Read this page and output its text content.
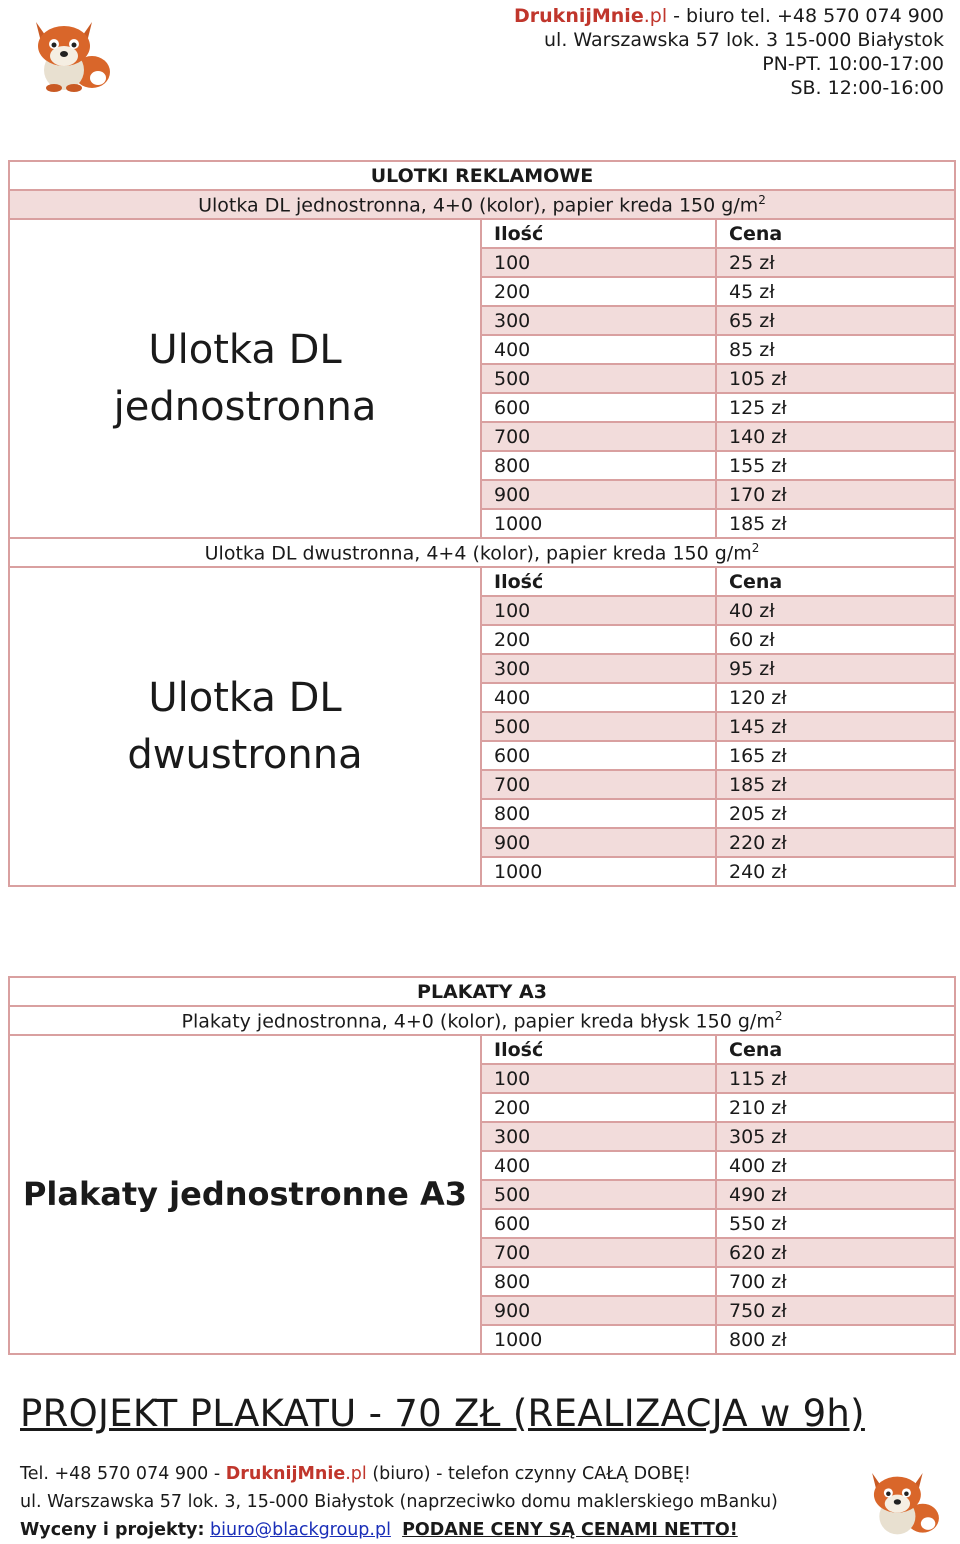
DruknijMnie.pl - biuro tel. +48 570 074 900
ul. Warszawska 57 lok. 3 15-000 Białystok
PN-PT. 10:00-17:00
SB. 12:00-16:00
ULOTKI REKLAMOWE		
Ulotka DL jednostronna, 4+0 (kolor), papier kreda 150 $g/m^2$

Ulotka DL
jednostronna	Ilość	Cena
	100	25 zł
	200	45 zł
	300	65 zł
	400	85 zł
	500	105 zł
	600	125 zł
	700	140 zł
	800	155 zł
	900	170 zł
	1000	185 zł
Ulotka DL dwustronna, 4+4 (kolor), papier kreda 150 $g/m^2$

Ulotka DL
dwustronna	Ilość	Cena
	100	40 zł
	200	60 zł
	300	95 zł
	400	120 zł
	500	145 zł
	600	165 zł
	700	185 zł
	800	205 zł
	900	220 zł
	1000	240 zł
PLAKATY A3		
Plakaty jednostronna, 4+0 (kolor), papier kreda błysk 150 $g/m^2$

Plakaty jednostronne A3	Ilość	Cena
	100	115 zł
	200	210 zł
	300	305 zł
	400	400 zł
	500	490 zł
	600	550 zł
	700	620 zł
	800	700 zł
	900	750 zł
	1000	800 zł
PROJEKT PLAKATU - 70 ZŁ (REALIZACJA w 9h)
Tel. +48 570 074 900 - DruknijMnie.pl (biuro) - telefon czynny CAŁĄ DOBĘ!
ul. Warszawska 57 lok. 3, 15-000 Białystok (naprzeciwko domu maklerskiego mBanku)
Wyceny i projekty: biuro@blackgroup.pl PODANE CENY SĄ CENAMI NETTO!
